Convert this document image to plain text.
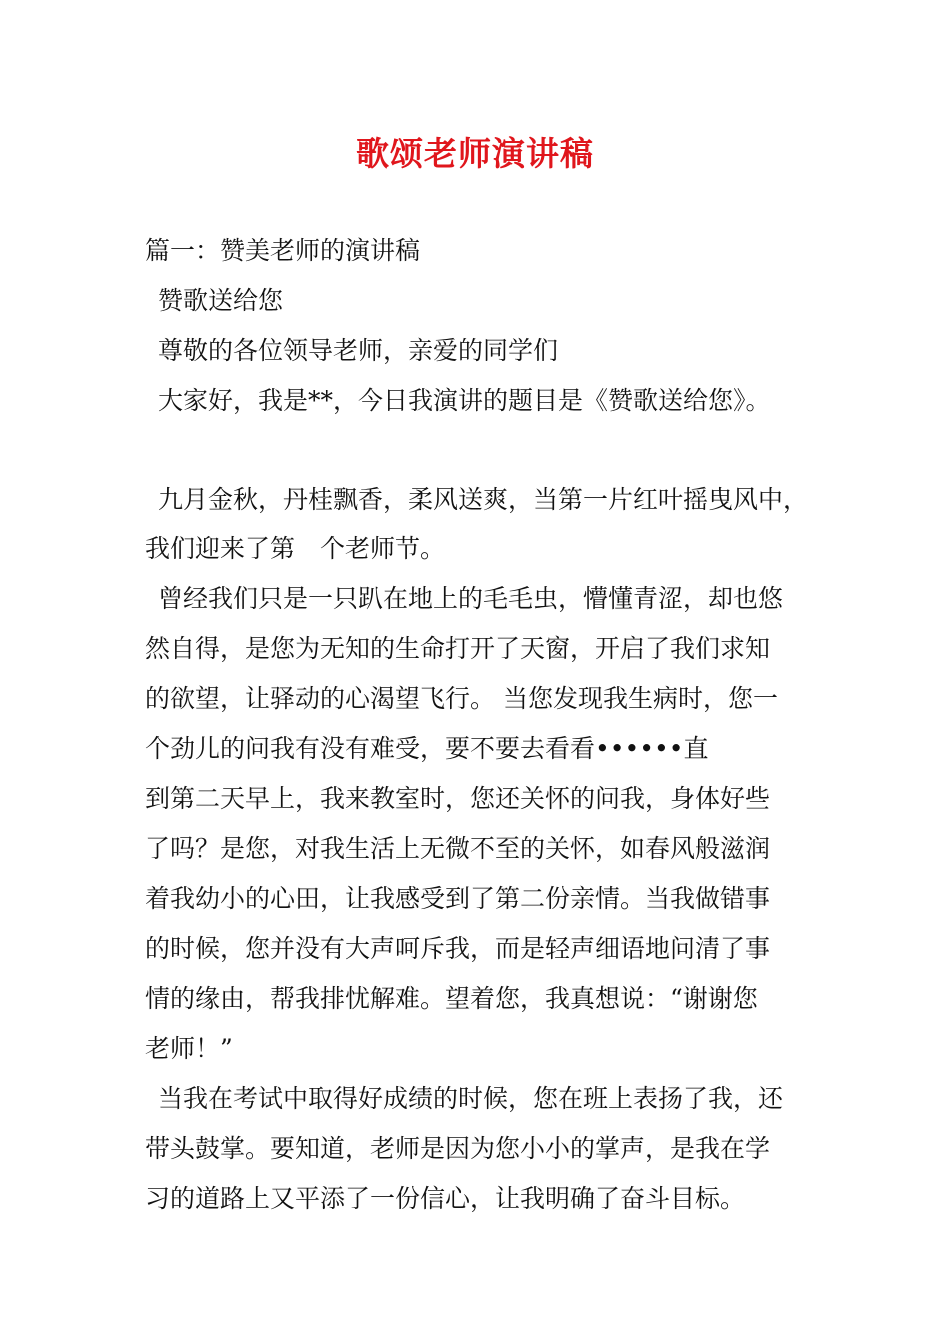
歌颂老师演讲稿
篇一：赞美老师的演讲稿
赞歌送给您
尊敬的各位领导老师，亲爱的同学们
大家好，我是**，今日我演讲的题目是《赞歌送给您》。
九月金秋，丹桂飘香，柔风送爽，当第一片红叶摇曳风中，
我们迎来了第　个老师节。
曾经我们只是一只趴在地上的毛毛虫，懵懂青涩，却也悠
然自得，是您为无知的生命打开了天窗，开启了我们求知
的欲望，让驿动的心渴望飞行。 当您发现我生病时，您一
个劲儿的问我有没有难受，要不要去看看••••••直
到第二天早上，我来教室时，您还关怀的问我，身体好些
了吗？是您，对我生活上无微不至的关怀，如春风般滋润
着我幼小的心田，让我感受到了第二份亲情。当我做错事
的时候，您并没有大声呵斥我，而是轻声细语地问清了事
情的缘由，帮我排忧解难。望着您，我真想说：“谢谢您
老师！”
当我在考试中取得好成绩的时候，您在班上表扬了我，还
带头鼓掌。要知道，老师是因为您小小的掌声，是我在学
习的道路上又平添了一份信心，让我明确了奋斗目标。
